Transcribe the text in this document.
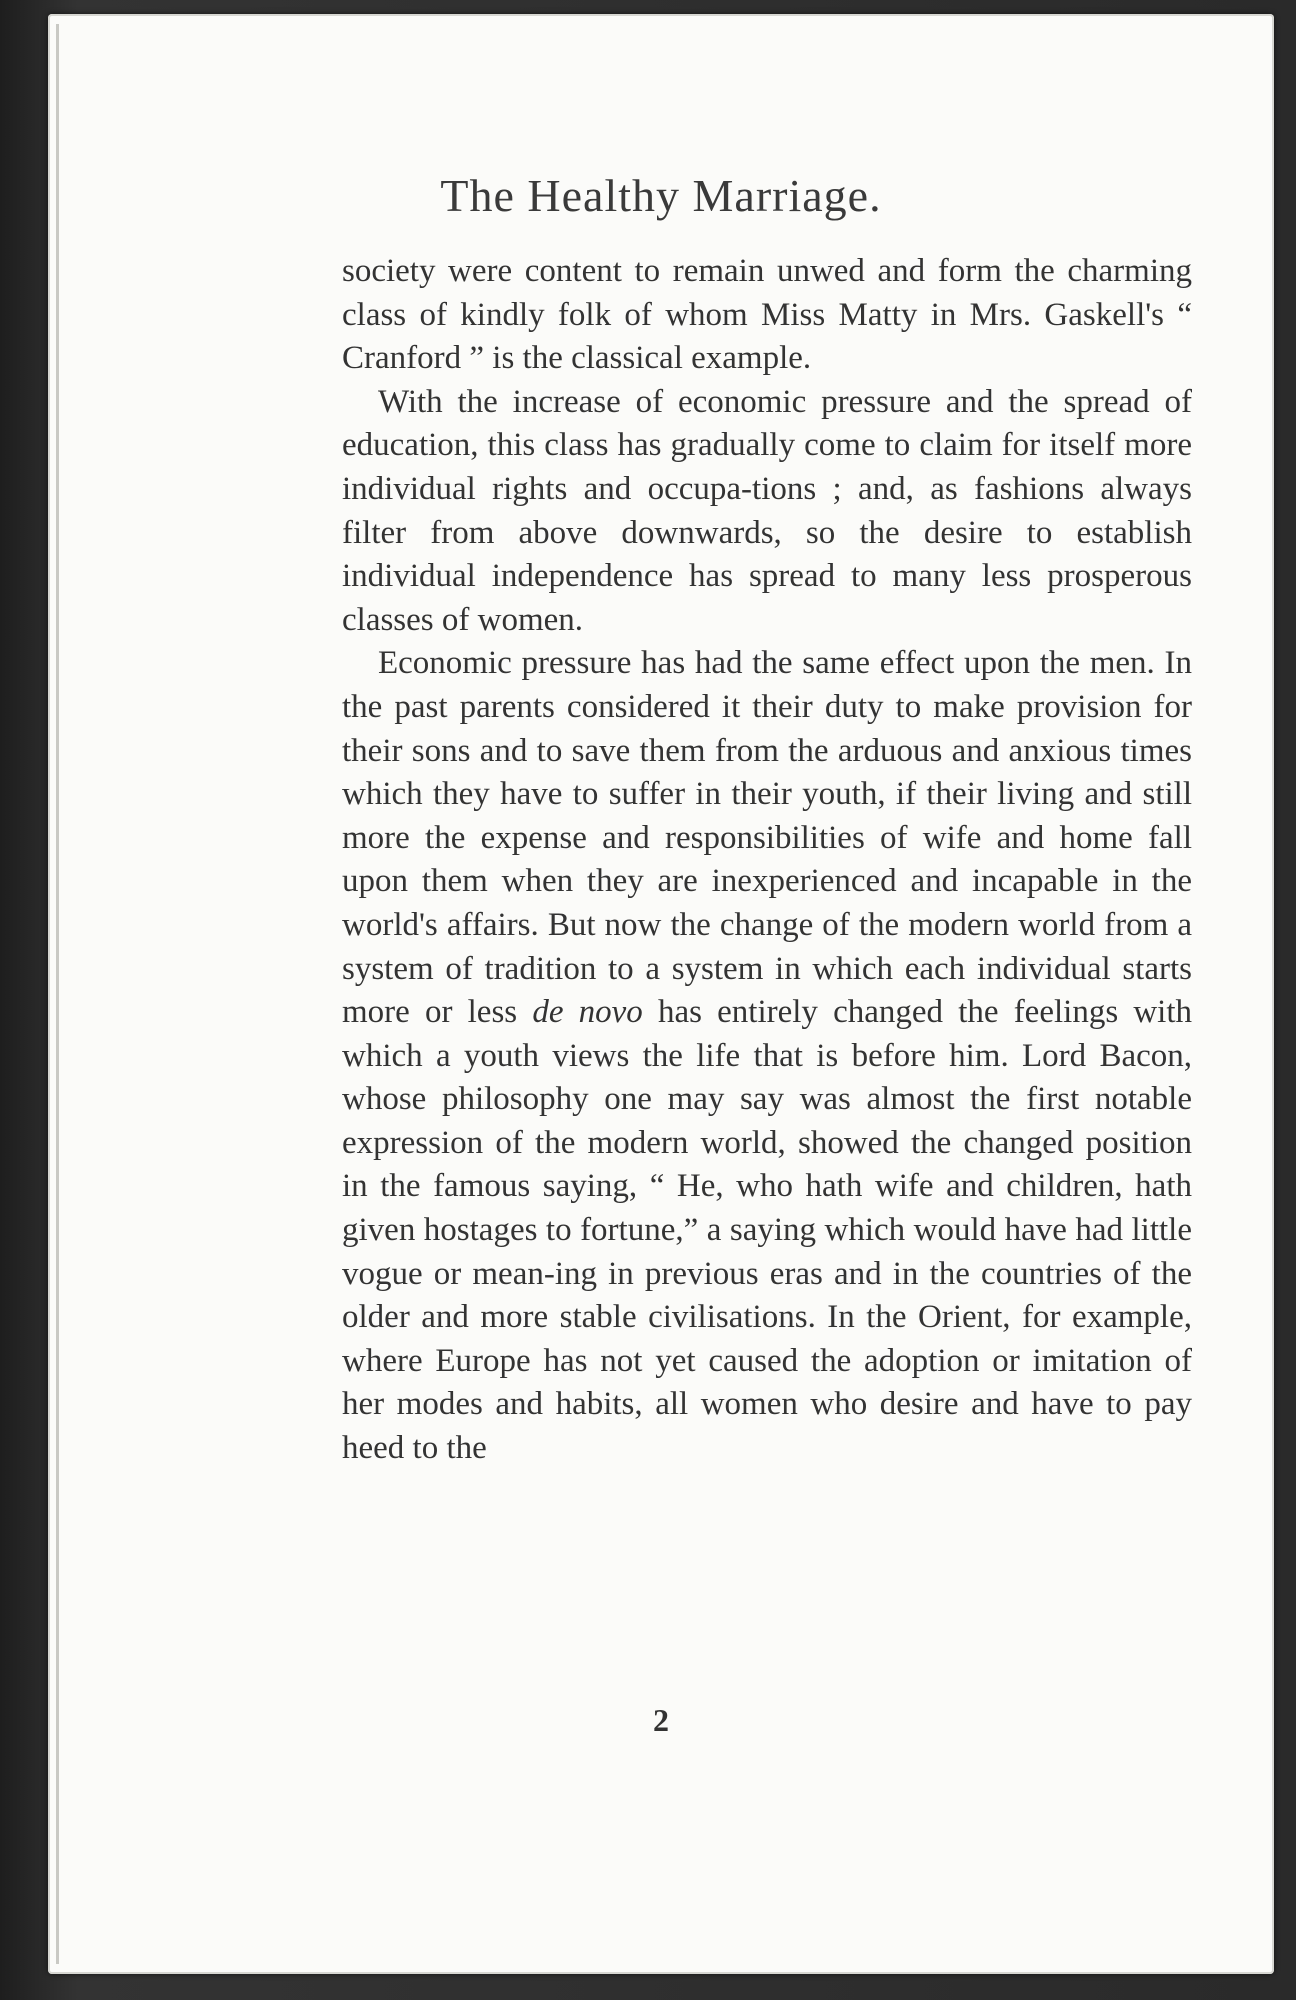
The Healthy Marriage.

society were content to remain unwed and form the charming class of kindly folk of whom Miss Matty in Mrs. Gaskell's “ Cranford ” is the classical example.

With the increase of economic pressure and the spread of education, this class has gradually come to claim for itself more individual rights and occupa-tions ; and, as fashions always filter from above downwards, so the desire to establish individual independence has spread to many less prosperous classes of women.

Economic pressure has had the same effect upon the men. In the past parents considered it their duty to make provision for their sons and to save them from the arduous and anxious times which they have to suffer in their youth, if their living and still more the expense and responsibilities of wife and home fall upon them when they are inexperienced and incapable in the world's affairs. But now the change of the modern world from a system of tradition to a system in which each individual starts more or less de novo has entirely changed the feelings with which a youth views the life that is before him. Lord Bacon, whose philosophy one may say was almost the first notable expression of the modern world, showed the changed position in the famous saying, “ He, who hath wife and children, hath given hostages to fortune,” a saying which would have had little vogue or mean-ing in previous eras and in the countries of the older and more stable civilisations. In the Orient, for example, where Europe has not yet caused the adoption or imitation of her modes and habits, all women who desire and have to pay heed to the

2
